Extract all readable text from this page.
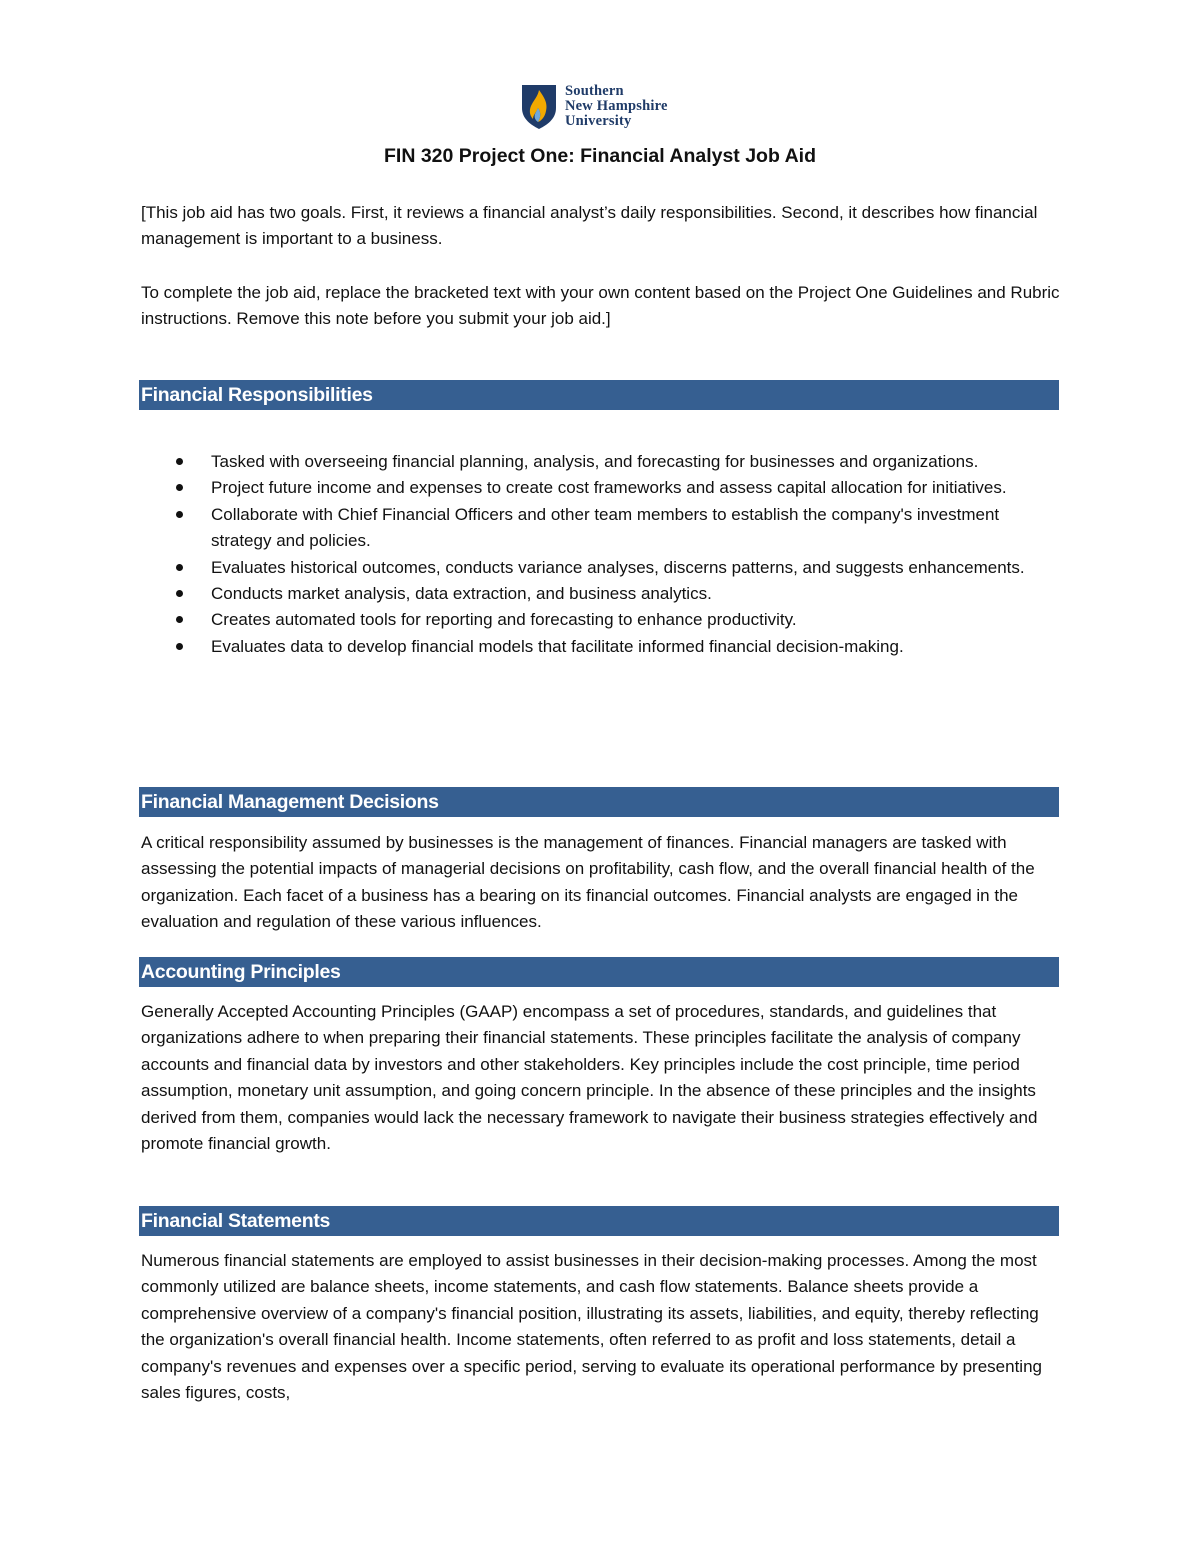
Southern
New Hampshire
University
FIN 320 Project One: Financial Analyst Job Aid

[This job aid has two goals. First, it reviews a financial analyst’s daily responsibilities. Second, it describes how financial management is important to a business.

To complete the job aid, replace the bracketed text with your own content based on the Project One Guidelines and Rubric instructions. Remove this note before you submit your job aid.]

Financial Responsibilities
Tasked with overseeing financial planning, analysis, and forecasting for businesses and organizations.
Project future income and expenses to create cost frameworks and assess capital allocation for initiatives.
Collaborate with Chief Financial Officers and other team members to establish the company's investment strategy and policies.
Evaluates historical outcomes, conducts variance analyses, discerns patterns, and suggests enhancements.
Conducts market analysis, data extraction, and business analytics.
Creates automated tools for reporting and forecasting to enhance productivity.
Evaluates data to develop financial models that facilitate informed financial decision-making.
Financial Management Decisions

A critical responsibility assumed by businesses is the management of finances. Financial managers are tasked with assessing the potential impacts of managerial decisions on profitability, cash flow, and the overall financial health of the organization. Each facet of a business has a bearing on its financial outcomes. Financial analysts are engaged in the evaluation and regulation of these various influences.

Accounting Principles

Generally Accepted Accounting Principles (GAAP) encompass a set of procedures, standards, and guidelines that organizations adhere to when preparing their financial statements. These principles facilitate the analysis of company accounts and financial data by investors and other stakeholders. Key principles include the cost principle, time period assumption, monetary unit assumption, and going concern principle. In the absence of these principles and the insights derived from them, companies would lack the necessary framework to navigate their business strategies effectively and promote financial growth.

Financial Statements

Numerous financial statements are employed to assist businesses in their decision-making processes. Among the most commonly utilized are balance sheets, income statements, and cash flow statements. Balance sheets provide a comprehensive overview of a company's financial position, illustrating its assets, liabilities, and equity, thereby reflecting the organization's overall financial health. Income statements, often referred to as profit and loss statements, detail a company's revenues and expenses over a specific period, serving to evaluate its operational performance by presenting sales figures, costs,
